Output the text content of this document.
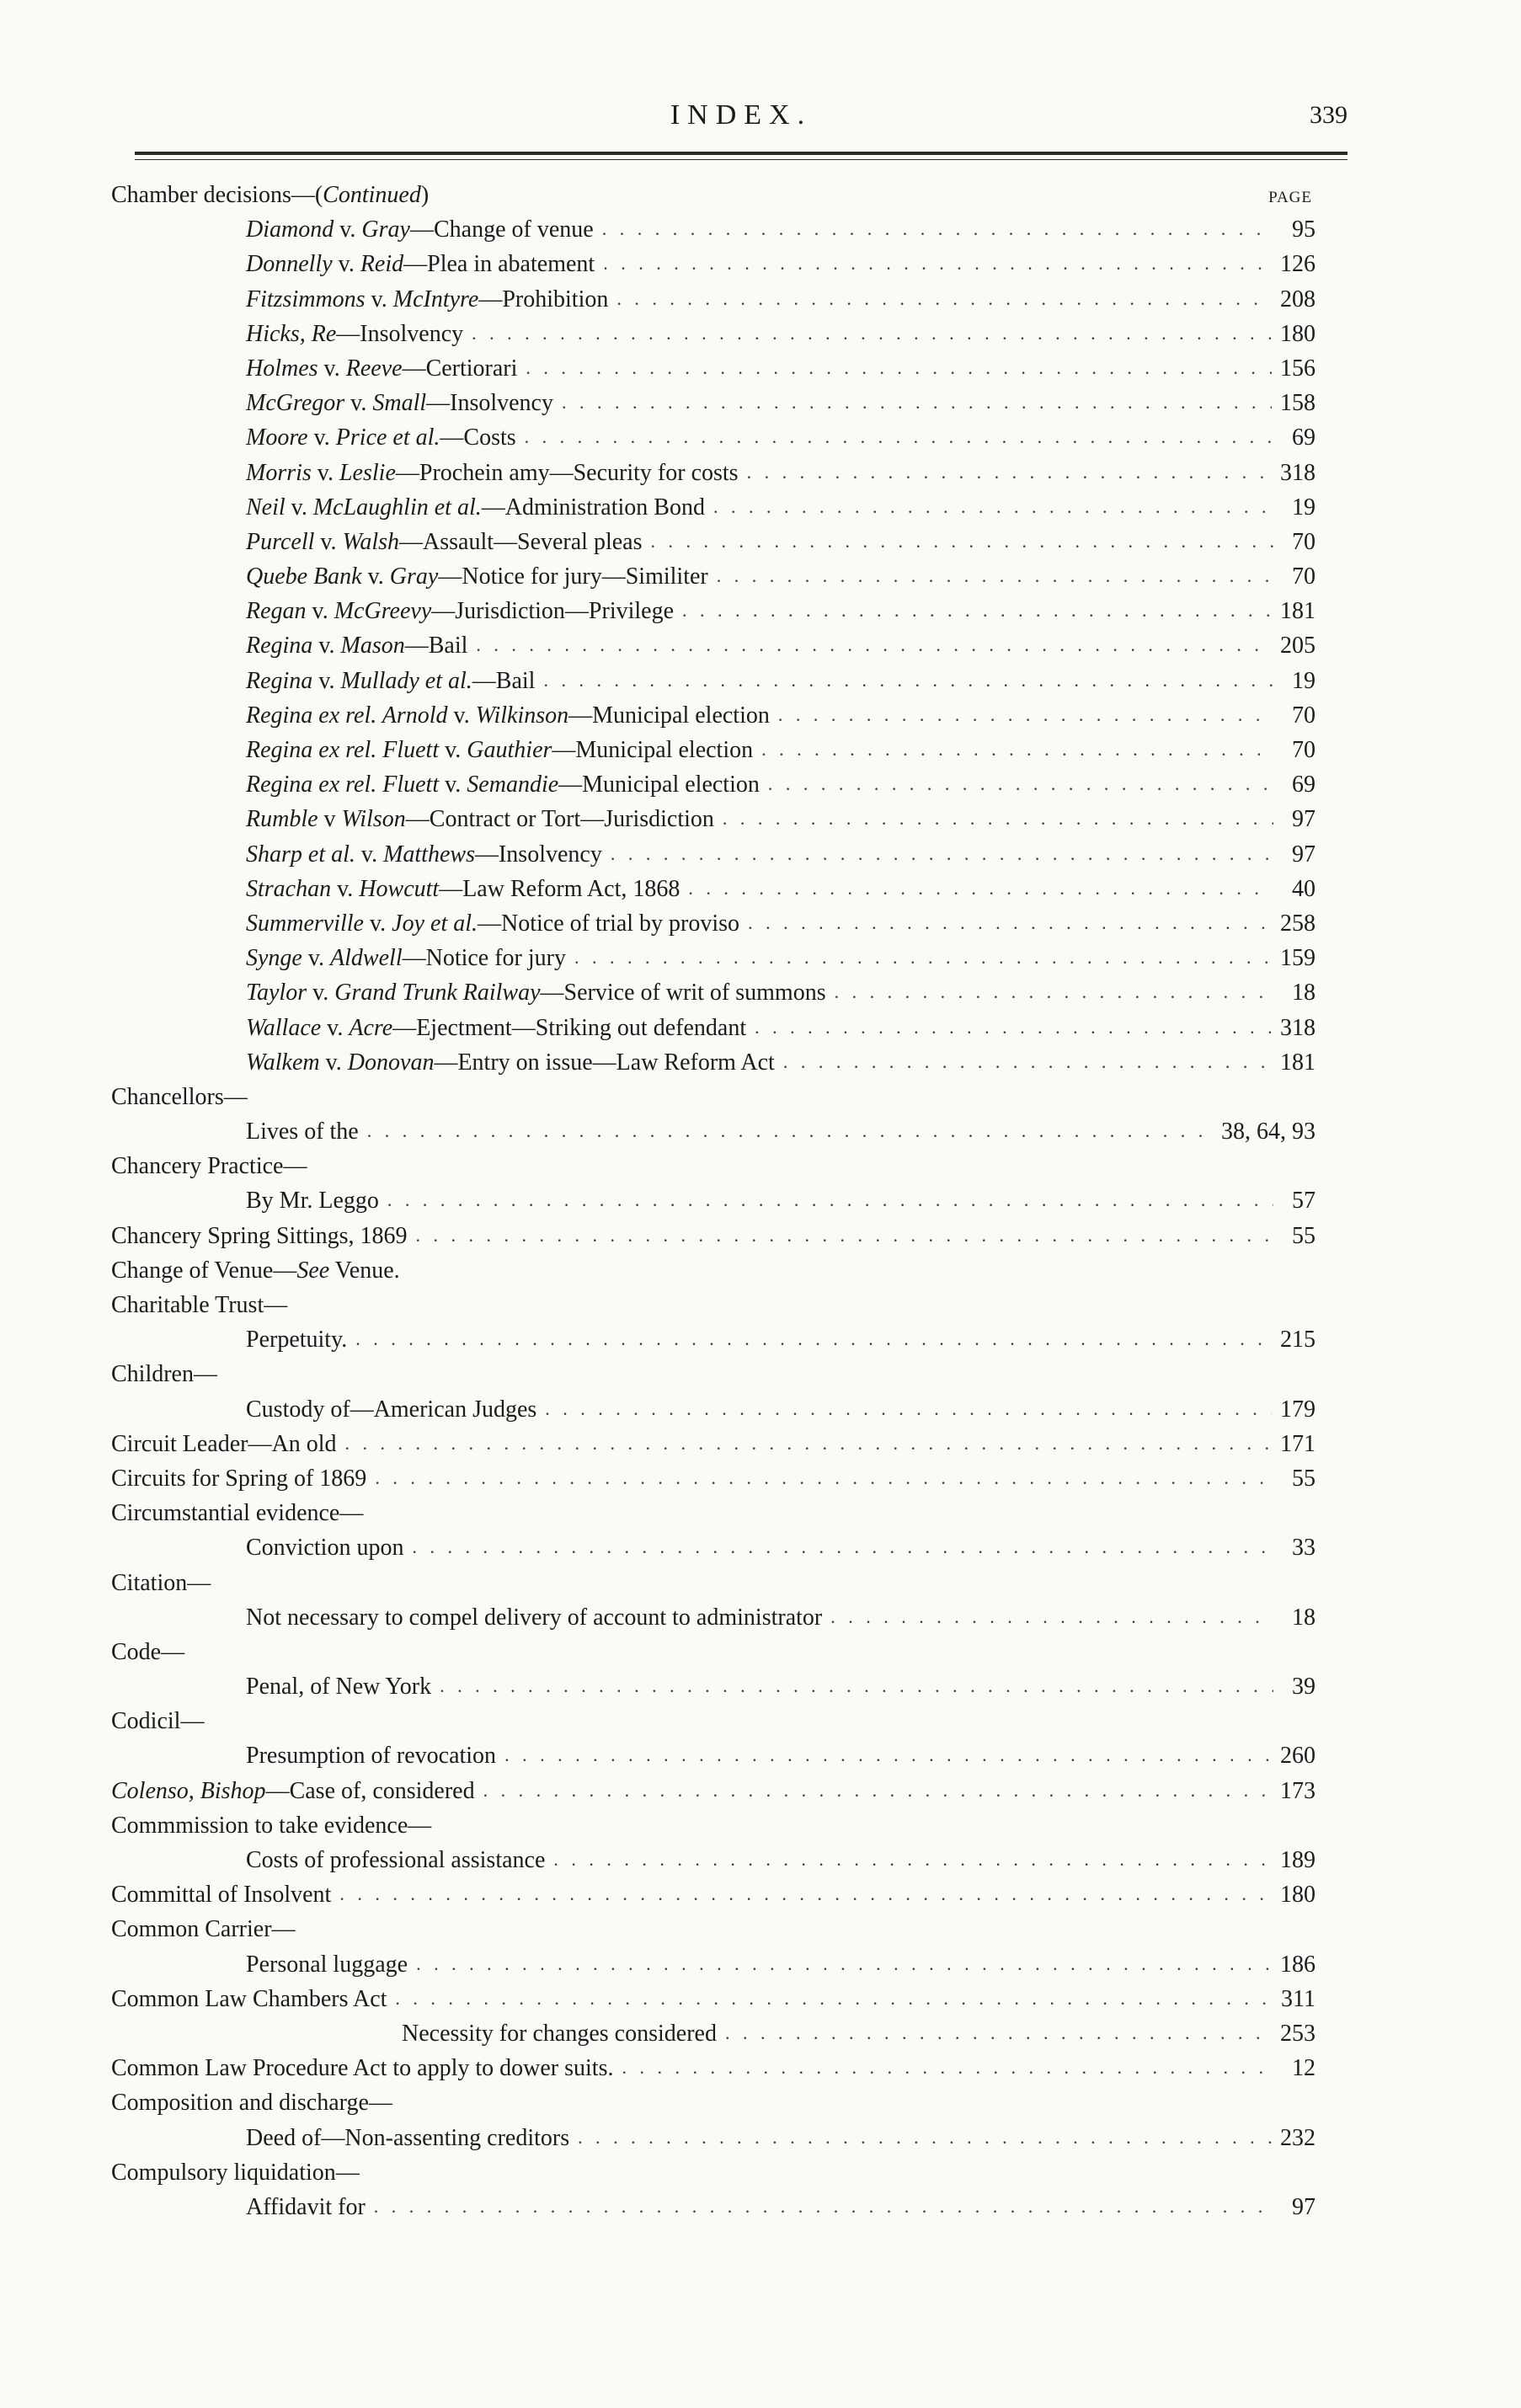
INDEX.	339
Chamber decisions—(Continued)	PAGE
Diamond v. Gray—Change of venue . . .	95
Donnelly v. Reid—Plea in abatement . . .	126
Fitzsimmons v. McIntyre—Prohibition . . .	208
Hicks, Re—Insolvency . . .	180
Holmes v. Reeve—Certiorari . . .	156
McGregor v. Small—Insolvency . . .	158
Moore v. Price et al.—Costs . . .	69
Morris v. Leslie—Prochein amy—Security for costs . . .	318
Neil v. McLaughlin et al.—Administration Bond . . .	19
Purcell v. Walsh—Assault—Several pleas . . .	70
Quebe Bank v. Gray—Notice for jury—Similiter . . .	70
Regan v. McGreevy—Jurisdiction—Privilege . . .	181
Regina v. Mason—Bail . . .	205
Regina v. Mullady et al.—Bail . . .	19
Regina ex rel. Arnold v. Wilkinson—Municipal election . . .	70
Regina ex rel. Fluett v. Gauthier—Municipal election . . .	70
Regina ex rel. Fluett v. Semandie—Municipal election . . .	69
Rumble v Wilson—Contract or Tort—Jurisdiction . . .	97
Sharp et al. v. Matthews—Insolvency . . .	97
Strachan v. Howcutt—Law Reform Act, 1868 . . .	40
Summerville v. Joy et al.—Notice of trial by proviso . . .	258
Synge v. Aldwell—Notice for jury . . .	159
Taylor v. Grand Trunk Railway—Service of writ of summons . . .	18
Wallace v. Acre—Ejectment—Striking out defendant . . .	318
Walkem v. Donovan—Entry on issue—Law Reform Act . . .	181
Chancellors—
Lives of the . . .	38, 64, 93
Chancery Practice—
By Mr. Leggo . . .	57
Chancery Spring Sittings, 1869 . . .	55
Change of Venue—See Venue.
Charitable Trust—
Perpetuity. . . .	215
Children—
Custody of—American Judges . . .	179
Circuit Leader—An old . . .	171
Circuits for Spring of 1869 . . .	55
Circumstantial evidence—
Conviction upon . . .	33
Citation—
Not necessary to compel delivery of account to administrator . . .	18
Code—
Penal, of New York . . .	39
Codicil—
Presumption of revocation . . .	260
Colenso, Bishop—Case of, considered . . .	173
Commmission to take evidence—
Costs of professional assistance . . .	189
Committal of Insolvent . . .	180
Common Carrier—
Personal luggage . . .	186
Common Law Chambers Act . . .	311
Necessity for changes considered . . .	253
Common Law Procedure Act to apply to dower suits. . . .	12
Composition and discharge—
Deed of—Non-assenting creditors . . .	232
Compulsory liquidation—
Affidavit for . . .	97
